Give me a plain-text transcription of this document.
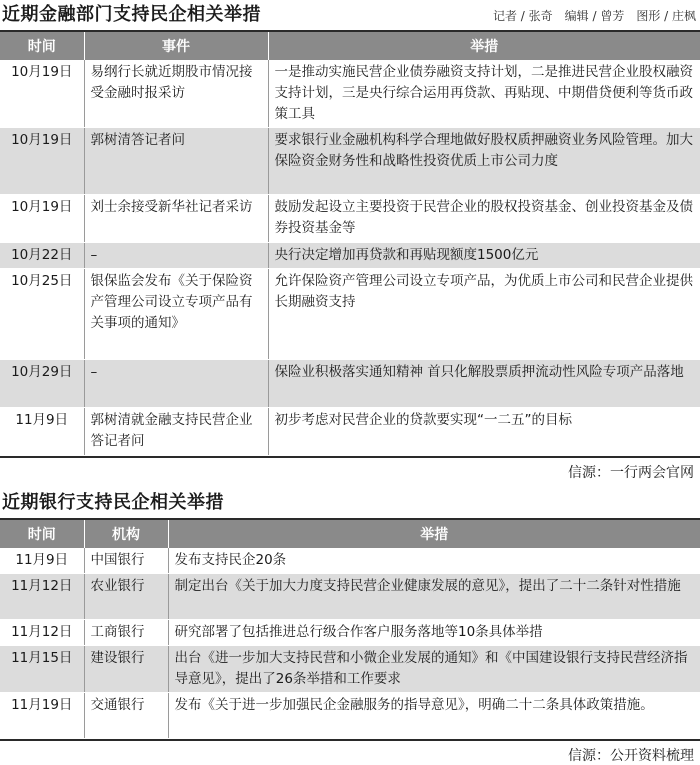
近期金融部门支持民企相关举措	记者 / 张奇　编辑 / 曾芳　图形 / 庄枫
时间	事件	举措
10月19日	易纲行长就近期股市情况接受金融时报采访	一是推动实施民营企业债券融资支持计划，二是推进民营企业股权融资支持计划，三是央行综合运用再贷款、再贴现、中期借贷便利等货币政策工具
10月19日	郭树清答记者问	要求银行业金融机构科学合理地做好股权质押融资业务风险管理。加大保险资金财务性和战略性投资优质上市公司力度
10月19日	刘士余接受新华社记者采访	鼓励发起设立主要投资于民营企业的股权投资基金、创业投资基金及债券投资基金等
10月22日	–	央行决定增加再贷款和再贴现额度1500亿元
10月25日	银保监会发布《关于保险资产管理公司设立专项产品有关事项的通知》	允许保险资产管理公司设立专项产品，为优质上市公司和民营企业提供长期融资支持
10月29日	–	保险业积极落实通知精神 首只化解股票质押流动性风险专项产品落地
11月9日	郭树清就金融支持民营企业答记者问	初步考虑对民营企业的贷款要实现“一二五”的目标
信源：一行两会官网
近期银行支持民企相关举措
时间	机构	举措
11月9日	中国银行	发布支持民企20条
11月12日	农业银行	制定出台《关于加大力度支持民营企业健康发展的意见》，提出了二十二条针对性措施
11月12日	工商银行	研究部署了包括推进总行级合作客户服务落地等10条具体举措
11月15日	建设银行	出台《进一步加大支持民营和小微企业发展的通知》和《中国建设银行支持民营经济指导意见》，提出了26条举措和工作要求
11月19日	交通银行	发布《关于进一步加强民企金融服务的指导意见》，明确二十二条具体政策措施。
信源：公开资料梳理
